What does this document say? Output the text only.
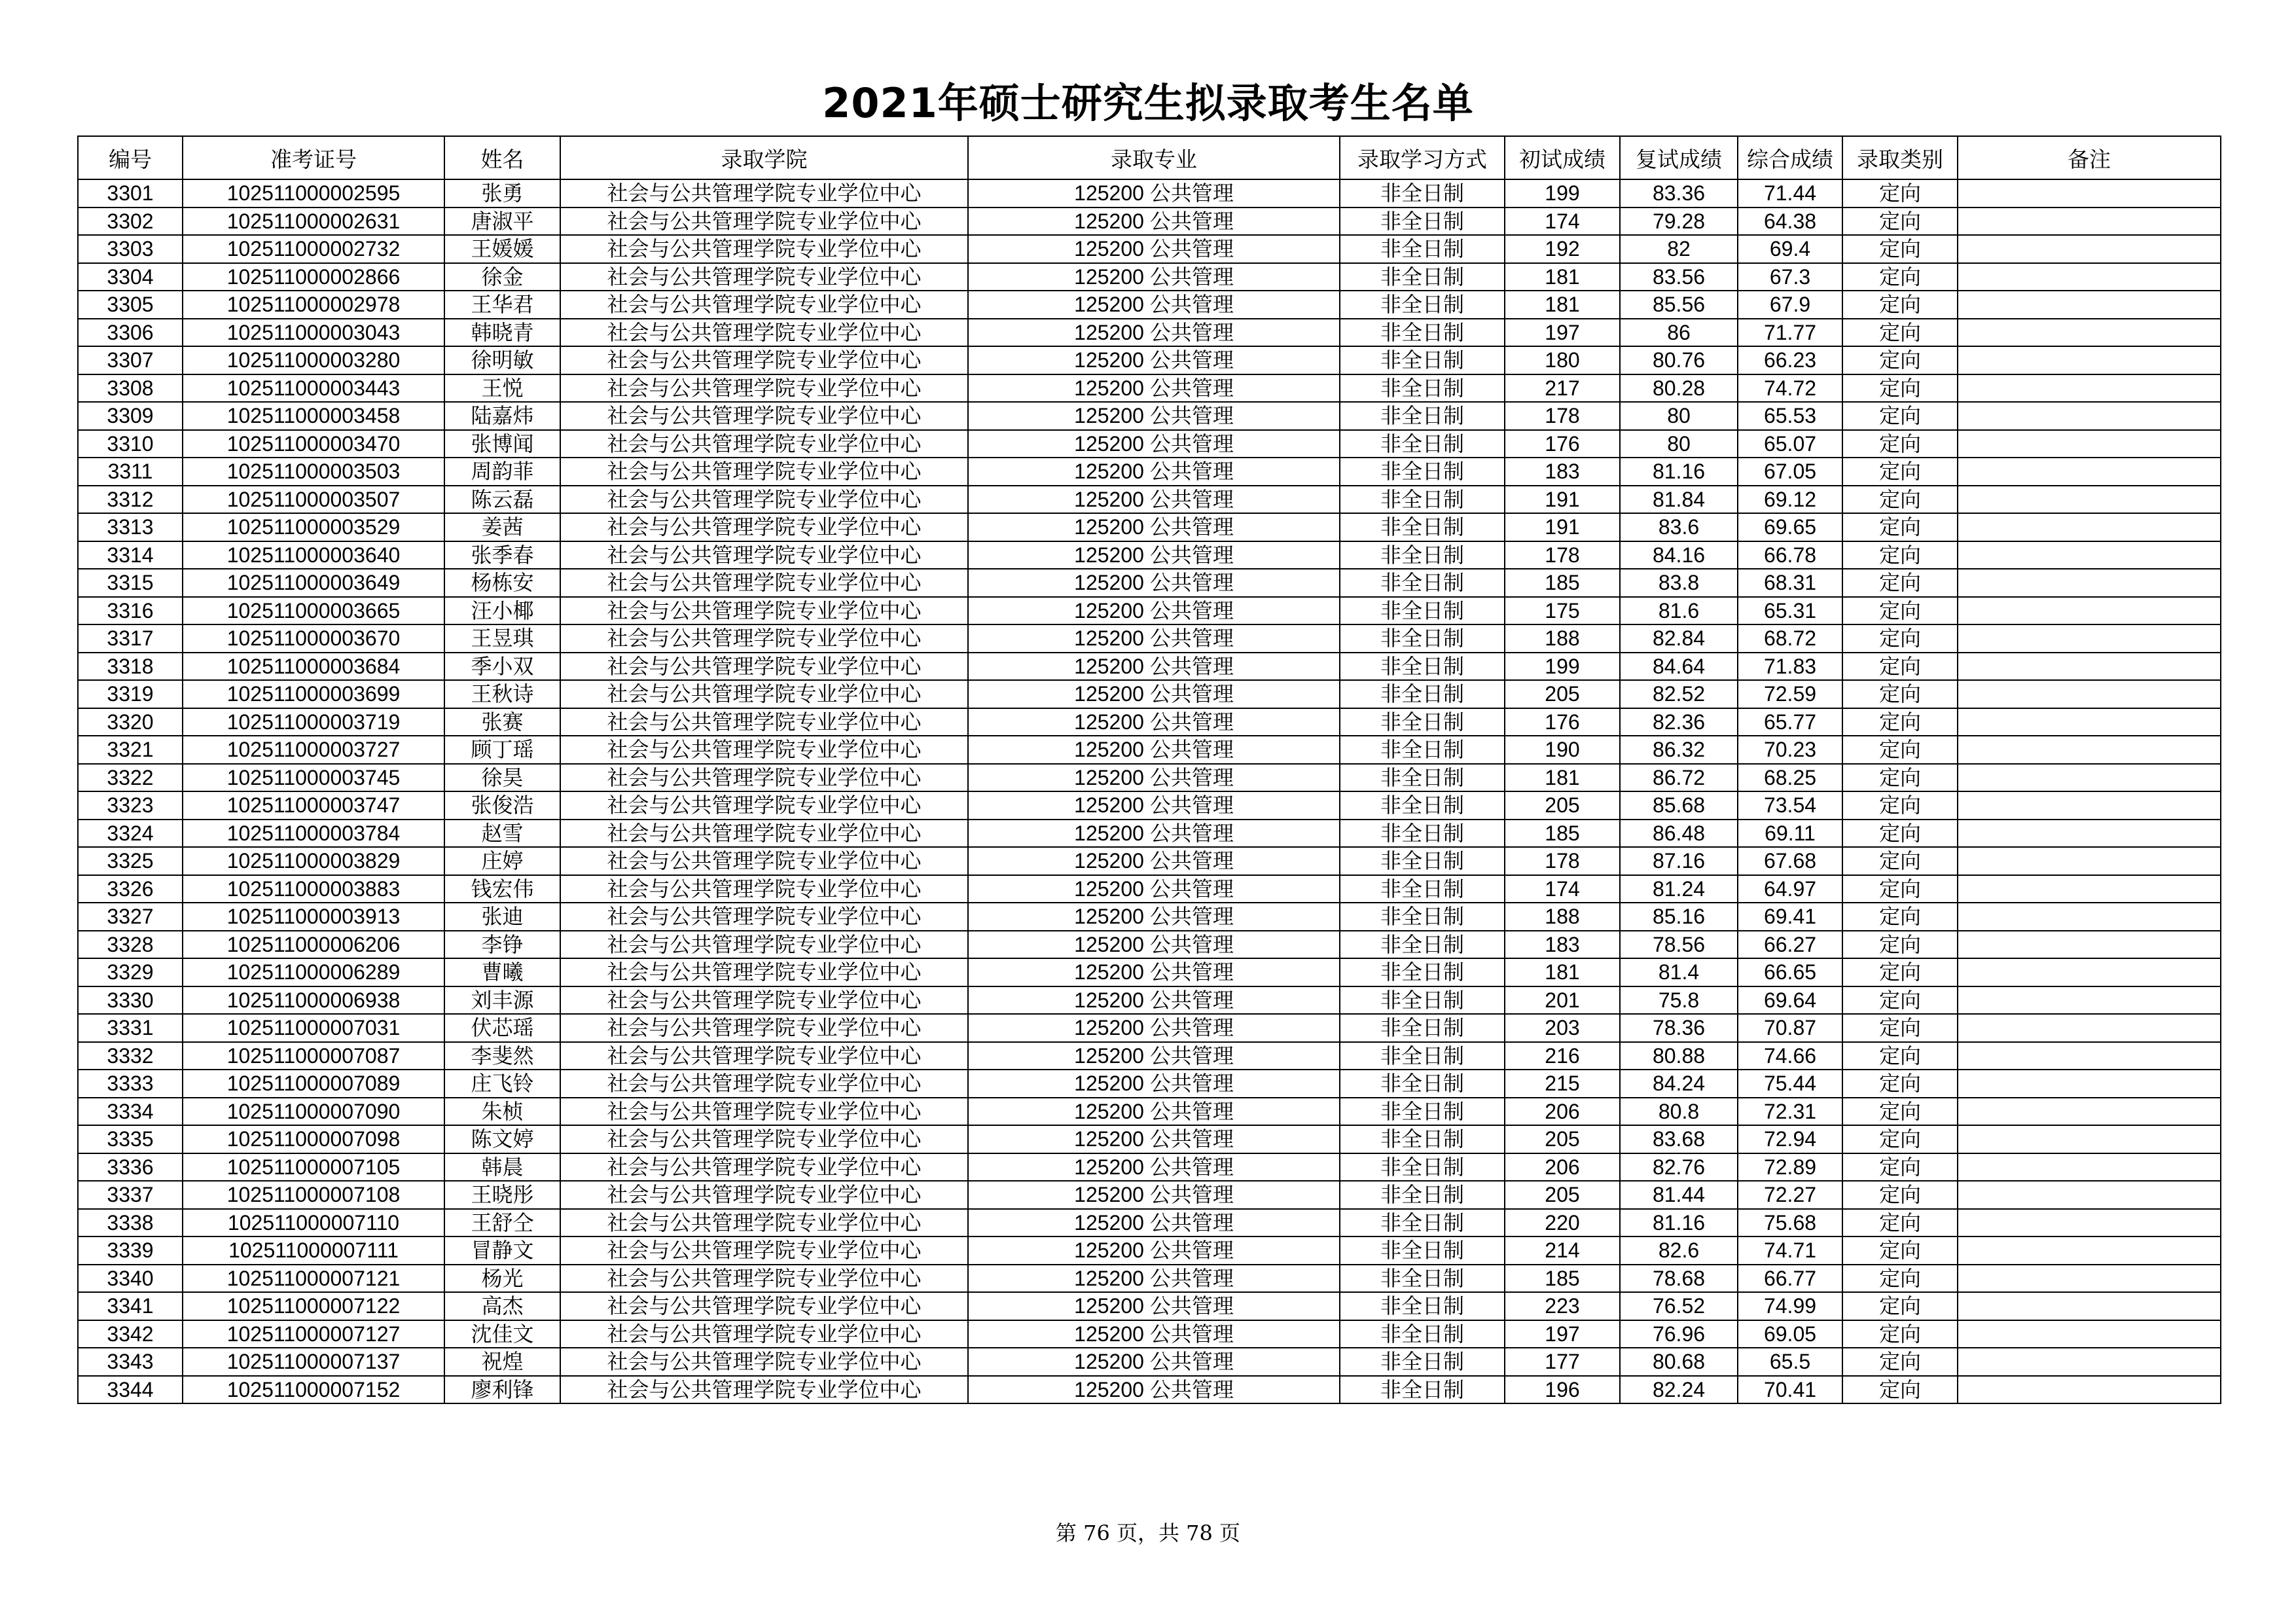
2021年硕士研究生拟录取考生名单
编号	准考证号	姓名	录取学院	录取专业	录取学习方式	初试成绩	复试成绩	综合成绩	录取类别	备注
3301	102511000002595	张勇	社会与公共管理学院专业学位中心	125200 公共管理	非全日制	199	83.36	71.44	定向	
3302	102511000002631	唐淑平	社会与公共管理学院专业学位中心	125200 公共管理	非全日制	174	79.28	64.38	定向	
3303	102511000002732	王媛媛	社会与公共管理学院专业学位中心	125200 公共管理	非全日制	192	82	69.4	定向	
3304	102511000002866	徐金	社会与公共管理学院专业学位中心	125200 公共管理	非全日制	181	83.56	67.3	定向	
3305	102511000002978	王华君	社会与公共管理学院专业学位中心	125200 公共管理	非全日制	181	85.56	67.9	定向	
3306	102511000003043	韩晓青	社会与公共管理学院专业学位中心	125200 公共管理	非全日制	197	86	71.77	定向	
3307	102511000003280	徐明敏	社会与公共管理学院专业学位中心	125200 公共管理	非全日制	180	80.76	66.23	定向	
3308	102511000003443	王悦	社会与公共管理学院专业学位中心	125200 公共管理	非全日制	217	80.28	74.72	定向	
3309	102511000003458	陆嘉炜	社会与公共管理学院专业学位中心	125200 公共管理	非全日制	178	80	65.53	定向	
3310	102511000003470	张博闻	社会与公共管理学院专业学位中心	125200 公共管理	非全日制	176	80	65.07	定向	
3311	102511000003503	周韵菲	社会与公共管理学院专业学位中心	125200 公共管理	非全日制	183	81.16	67.05	定向	
3312	102511000003507	陈云磊	社会与公共管理学院专业学位中心	125200 公共管理	非全日制	191	81.84	69.12	定向	
3313	102511000003529	姜茜	社会与公共管理学院专业学位中心	125200 公共管理	非全日制	191	83.6	69.65	定向	
3314	102511000003640	张季春	社会与公共管理学院专业学位中心	125200 公共管理	非全日制	178	84.16	66.78	定向	
3315	102511000003649	杨栋安	社会与公共管理学院专业学位中心	125200 公共管理	非全日制	185	83.8	68.31	定向	
3316	102511000003665	汪小椰	社会与公共管理学院专业学位中心	125200 公共管理	非全日制	175	81.6	65.31	定向	
3317	102511000003670	王昱琪	社会与公共管理学院专业学位中心	125200 公共管理	非全日制	188	82.84	68.72	定向	
3318	102511000003684	季小双	社会与公共管理学院专业学位中心	125200 公共管理	非全日制	199	84.64	71.83	定向	
3319	102511000003699	王秋诗	社会与公共管理学院专业学位中心	125200 公共管理	非全日制	205	82.52	72.59	定向	
3320	102511000003719	张赛	社会与公共管理学院专业学位中心	125200 公共管理	非全日制	176	82.36	65.77	定向	
3321	102511000003727	顾丁瑶	社会与公共管理学院专业学位中心	125200 公共管理	非全日制	190	86.32	70.23	定向	
3322	102511000003745	徐昊	社会与公共管理学院专业学位中心	125200 公共管理	非全日制	181	86.72	68.25	定向	
3323	102511000003747	张俊浩	社会与公共管理学院专业学位中心	125200 公共管理	非全日制	205	85.68	73.54	定向	
3324	102511000003784	赵雪	社会与公共管理学院专业学位中心	125200 公共管理	非全日制	185	86.48	69.11	定向	
3325	102511000003829	庄婷	社会与公共管理学院专业学位中心	125200 公共管理	非全日制	178	87.16	67.68	定向	
3326	102511000003883	钱宏伟	社会与公共管理学院专业学位中心	125200 公共管理	非全日制	174	81.24	64.97	定向	
3327	102511000003913	张迪	社会与公共管理学院专业学位中心	125200 公共管理	非全日制	188	85.16	69.41	定向	
3328	102511000006206	李铮	社会与公共管理学院专业学位中心	125200 公共管理	非全日制	183	78.56	66.27	定向	
3329	102511000006289	曹曦	社会与公共管理学院专业学位中心	125200 公共管理	非全日制	181	81.4	66.65	定向	
3330	102511000006938	刘丰源	社会与公共管理学院专业学位中心	125200 公共管理	非全日制	201	75.8	69.64	定向	
3331	102511000007031	伏芯瑶	社会与公共管理学院专业学位中心	125200 公共管理	非全日制	203	78.36	70.87	定向	
3332	102511000007087	李斐然	社会与公共管理学院专业学位中心	125200 公共管理	非全日制	216	80.88	74.66	定向	
3333	102511000007089	庄飞铃	社会与公共管理学院专业学位中心	125200 公共管理	非全日制	215	84.24	75.44	定向	
3334	102511000007090	朱桢	社会与公共管理学院专业学位中心	125200 公共管理	非全日制	206	80.8	72.31	定向	
3335	102511000007098	陈文婷	社会与公共管理学院专业学位中心	125200 公共管理	非全日制	205	83.68	72.94	定向	
3336	102511000007105	韩晨	社会与公共管理学院专业学位中心	125200 公共管理	非全日制	206	82.76	72.89	定向	
3337	102511000007108	王晓彤	社会与公共管理学院专业学位中心	125200 公共管理	非全日制	205	81.44	72.27	定向	
3338	102511000007110	王舒仝	社会与公共管理学院专业学位中心	125200 公共管理	非全日制	220	81.16	75.68	定向	
3339	102511000007111	冒静文	社会与公共管理学院专业学位中心	125200 公共管理	非全日制	214	82.6	74.71	定向	
3340	102511000007121	杨光	社会与公共管理学院专业学位中心	125200 公共管理	非全日制	185	78.68	66.77	定向	
3341	102511000007122	高杰	社会与公共管理学院专业学位中心	125200 公共管理	非全日制	223	76.52	74.99	定向	
3342	102511000007127	沈佳文	社会与公共管理学院专业学位中心	125200 公共管理	非全日制	197	76.96	69.05	定向	
3343	102511000007137	祝煌	社会与公共管理学院专业学位中心	125200 公共管理	非全日制	177	80.68	65.5	定向	
3344	102511000007152	廖利锋	社会与公共管理学院专业学位中心	125200 公共管理	非全日制	196	82.24	70.41	定向	
第 76 页，共 78 页
